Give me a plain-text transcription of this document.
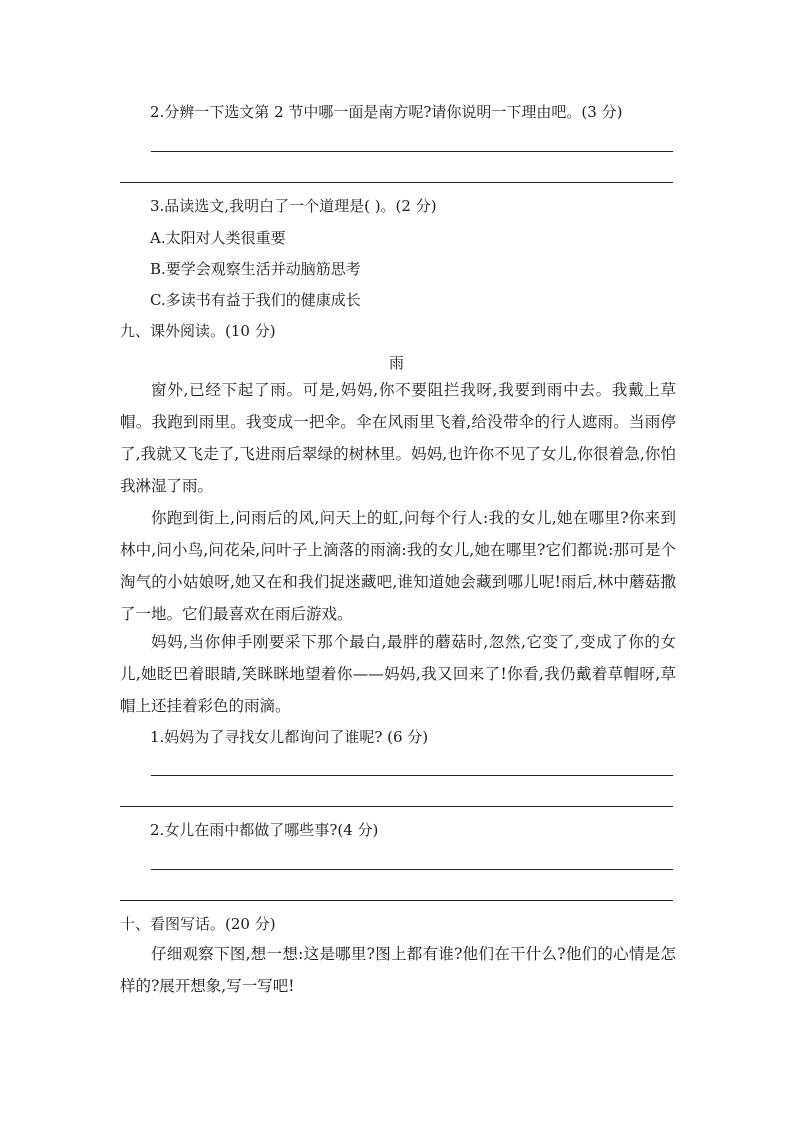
2.分辨一下选文第 2 节中哪一面是南方呢?请你说明一下理由吧。(3 分)
3.品读选文,我明白了一个道理是( )。(2 分)
A.太阳对人类很重要
B.要学会观察生活并动脑筋思考
C.多读书有益于我们的健康成长
九、课外阅读。(10 分)
雨
窗外,已经下起了雨。可是,妈妈,你不要阻拦我呀,我要到雨中去。我戴上草帽。我跑到雨里。我变成一把伞。伞在风雨里飞着,给没带伞的行人遮雨。当雨停了,我就又飞走了,飞进雨后翠绿的树林里。妈妈,也许你不见了女儿,你很着急,你怕我淋湿了雨。
你跑到街上,问雨后的风,问天上的虹,问每个行人:我的女儿,她在哪里?你来到林中,问小鸟,问花朵,问叶子上滴落的雨滴:我的女儿,她在哪里?它们都说:那可是个淘气的小姑娘呀,她又在和我们捉迷藏吧,谁知道她会藏到哪儿呢!雨后,林中蘑菇撒了一地。它们最喜欢在雨后游戏。
妈妈,当你伸手刚要采下那个最白,最胖的蘑菇时,忽然,它变了,变成了你的女儿,她眨巴着眼睛,笑眯眯地望着你——妈妈,我又回来了!你看,我仍戴着草帽呀,草帽上还挂着彩色的雨滴。
1.妈妈为了寻找女儿都询问了谁呢? (6 分)
2.女儿在雨中都做了哪些事?(4 分)
十、看图写话。(20 分)
仔细观察下图,想一想:这是哪里?图上都有谁?他们在干什么?他们的心情是怎样的?展开想象,写一写吧!
